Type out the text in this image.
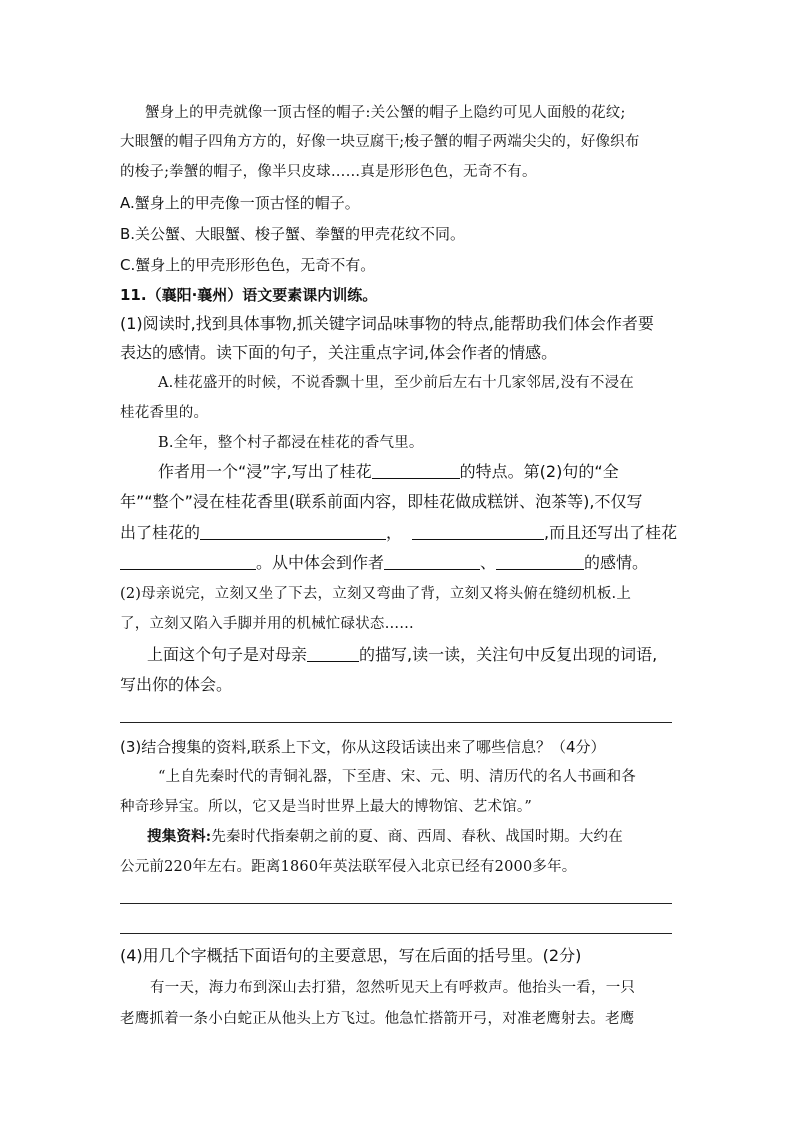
蟹身上的甲壳就像一顶古怪的帽子:关公蟹的帽子上隐约可见人面般的花纹;
大眼蟹的帽子四角方方的，好像一块豆腐干;梭子蟹的帽子两端尖尖的，好像织布
的梭子;拳蟹的帽子，像半只皮球……真是形形色色，无奇不有。
A.蟹身上的甲壳像一顶古怪的帽子。
B.关公蟹、大眼蟹、梭子蟹、拳蟹的甲壳花纹不同。
C.蟹身上的甲壳形形色色，无奇不有。
11.（襄阳·襄州）语文要素课内训练。
(1)阅读时,找到具体事物,抓关键字词品味事物的特点,能帮助我们体会作者要
表达的感情。读下面的句子，关注重点字词,体会作者的情感。
A.桂花盛开的时候，不说香飘十里，至少前后左右十几家邻居,没有不浸在
桂花香里的。
B.全年，整个村子都浸在桂花的香气里。
作者用一个“浸”字,写出了桂花	的特点。第(2)句的“全
年”“整个”浸在桂花香里(联系前面内容，即桂花做成糕饼、泡茶等),不仅写
出了桂花的	，	,而且还写出了桂花
。从中体会到作者	、	的感情。
(2)母亲说完，立刻又坐了下去，立刻又弯曲了背，立刻又将头俯在缝纫机板.上
了，立刻又陷入手脚并用的机械忙碌状态……
上面这个句子是对母亲	的描写,读一读，关注句中反复出现的词语,
写出你的体会。
(3)结合搜集的资料,联系上下文，你从这段话读出来了哪些信息？（4分）
“上自先秦时代的青铜礼器，下至唐、宋、元、明、清历代的名人书画和各
种奇珍异宝。所以，它又是当时世界上最大的博物馆、艺术馆。”
搜集资料:先秦时代指秦朝之前的夏、商、西周、春秋、战国时期。大约在
公元前220年左右。距离1860年英法联军侵入北京已经有2000多年。
(4)用几个字概括下面语句的主要意思，写在后面的括号里。(2分)
有一天，海力布到深山去打猎，忽然听见天上有呼救声。他抬头一看，一只
老鹰抓着一条小白蛇正从他头上方飞过。他急忙搭箭开弓，对准老鹰射去。老鹰
